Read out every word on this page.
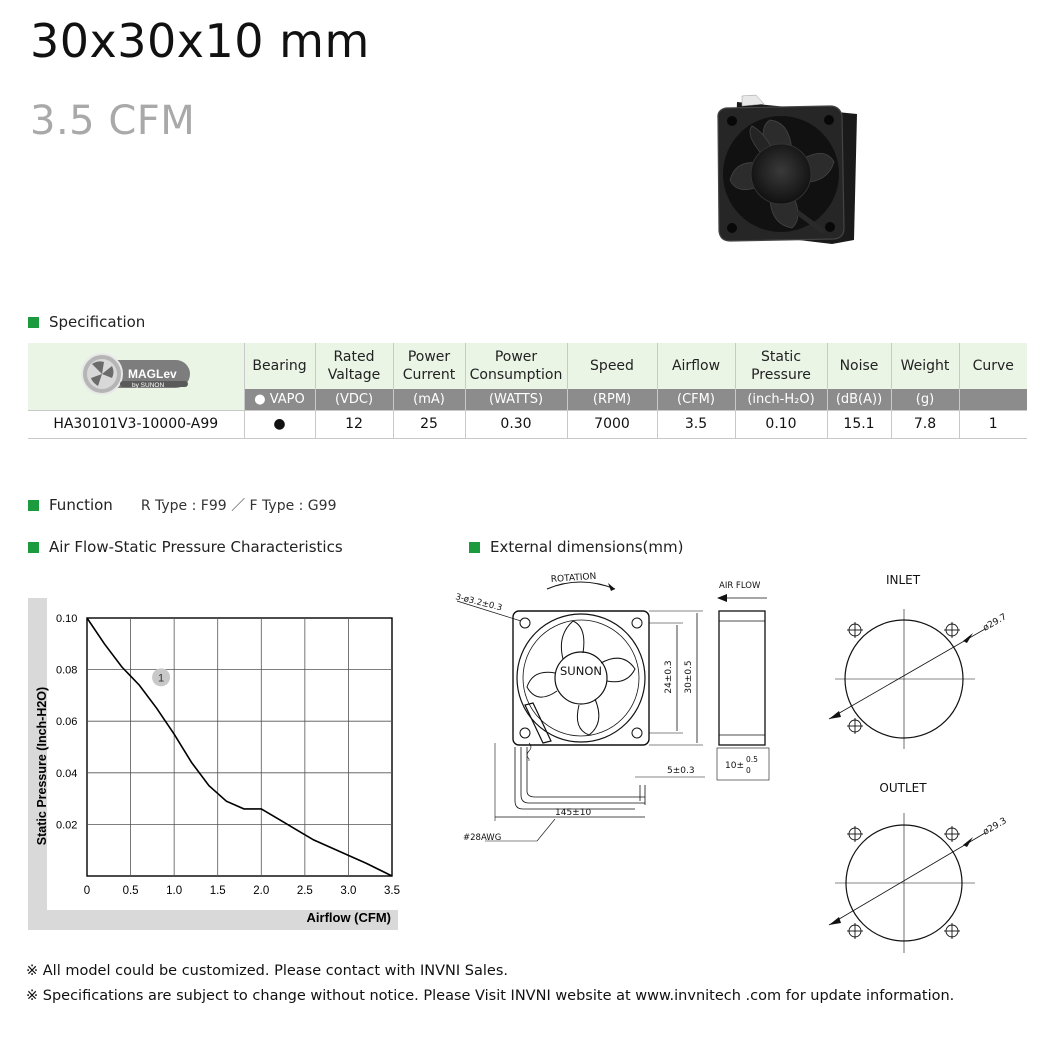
30x30x10 mm
3.5 CFM
Specification
MAGLev
by SUNON	Bearing	Rated Valtage	Power Current	Power Consumption	Speed	Airflow	Static Pressure	Noise	Weight	Curve
	● VAPO	(VDC)	(mA)	(WATTS)	(RPM)	(CFM)	(inch-H₂O)	(dB(A))	(g)	
HA30101V3-10000-A99	●	12	25	0.30	7000	3.5	0.10	15.1	7.8	1
Function R Type : F99 ／ F Type : G99
Air Flow-Static Pressure Characteristics	External dimensions(mm)
0	0.5 1.0 1.5 2.0 2.5 3.0 3.5
0.02
0.04
0.06
0.08
0.10
1
Static Pressure (Inch-H2O)
Airflow (CFM)
ROTATION
3-ø3.2±0.3
SUNON	24±0.3 30±0.5
AIR FLOW
10±
0.5
0
145±10
5±0.3
#28AWG
INLET
ø29.7
OUTLET
ø29.3
※ All model could be customized. Please contact with INVNI Sales.
※ Specifications are subject to change without notice. Please Visit INVNI website at www.invnitech .com for update information.
